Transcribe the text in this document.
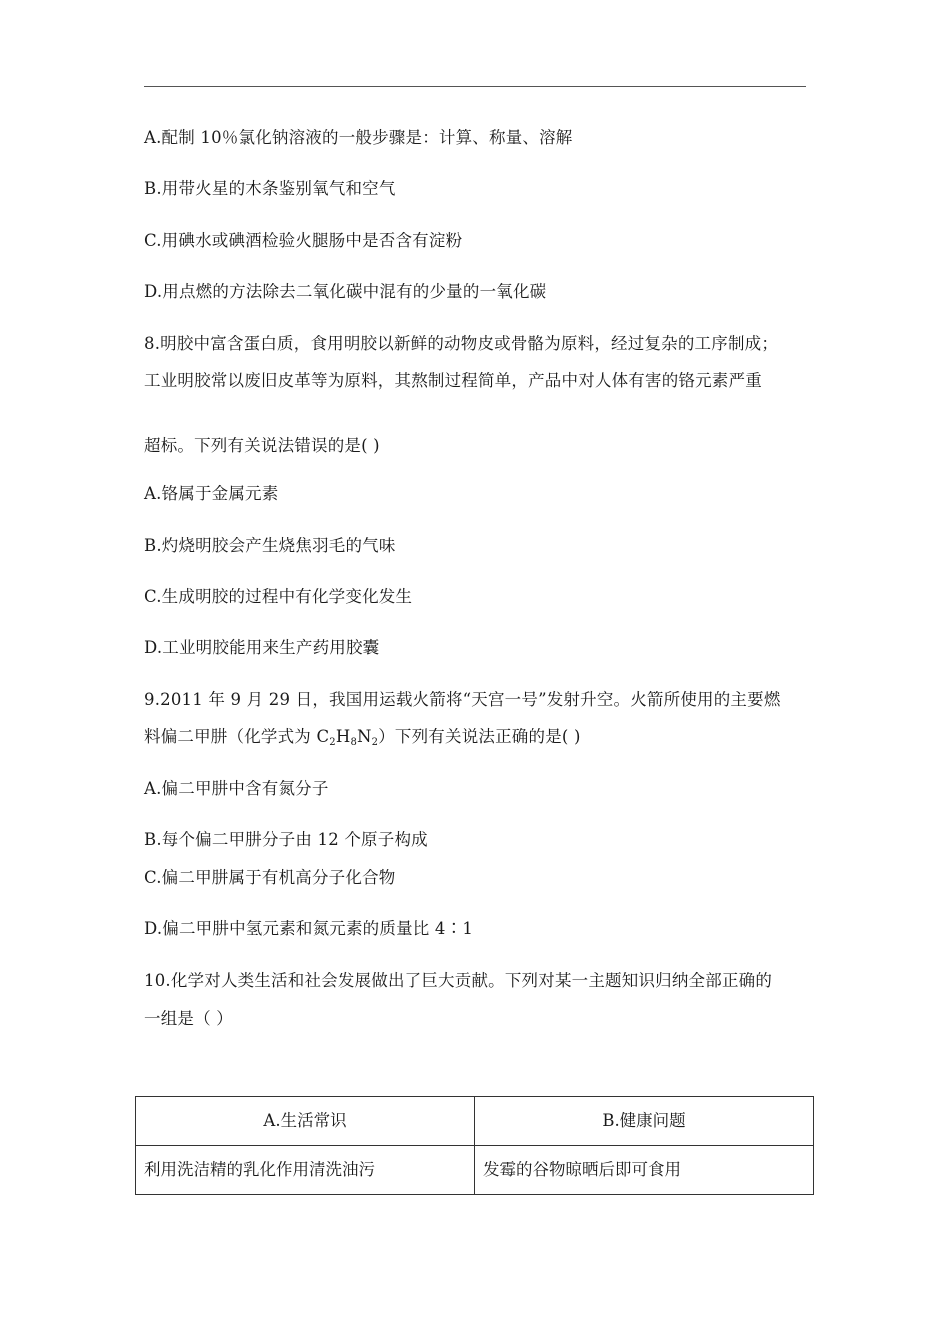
A.配制 10％氯化钠溶液的一般步骤是：计算、称量、溶解
B.用带火星的木条鉴别氧气和空气
C.用碘水或碘酒检验火腿肠中是否含有淀粉
D.用点燃的方法除去二氧化碳中混有的少量的一氧化碳
8.明胶中富含蛋白质，食用明胶以新鲜的动物皮或骨骼为原料，经过复杂的工序制成；
工业明胶常以废旧皮革等为原料，其熬制过程简单，产品中对人体有害的铬元素严重
超标。下列有关说法错误的是( )
A.铬属于金属元素
B.灼烧明胶会产生烧焦羽毛的气味
C.生成明胶的过程中有化学变化发生
D.工业明胶能用来生产药用胶囊
9.2011 年 9 月 29 日，我国用运载火箭将“天宫一号”发射升空。火箭所使用的主要燃
料偏二甲肼（化学式为 $C_2H_8N_2$）下列有关说法正确的是( )
A.偏二甲肼中含有氮分子
B.每个偏二甲肼分子由 12 个原子构成
C.偏二甲肼属于有机高分子化合物
D.偏二甲肼中氢元素和氮元素的质量比 4∶1
10.化学对人类生活和社会发展做出了巨大贡献。下列对某一主题知识归纳全部正确的
一组是（ ）
A.生活常识	B.健康问题
利用洗洁精的乳化作用清洗油污	发霉的谷物晾晒后即可食用
